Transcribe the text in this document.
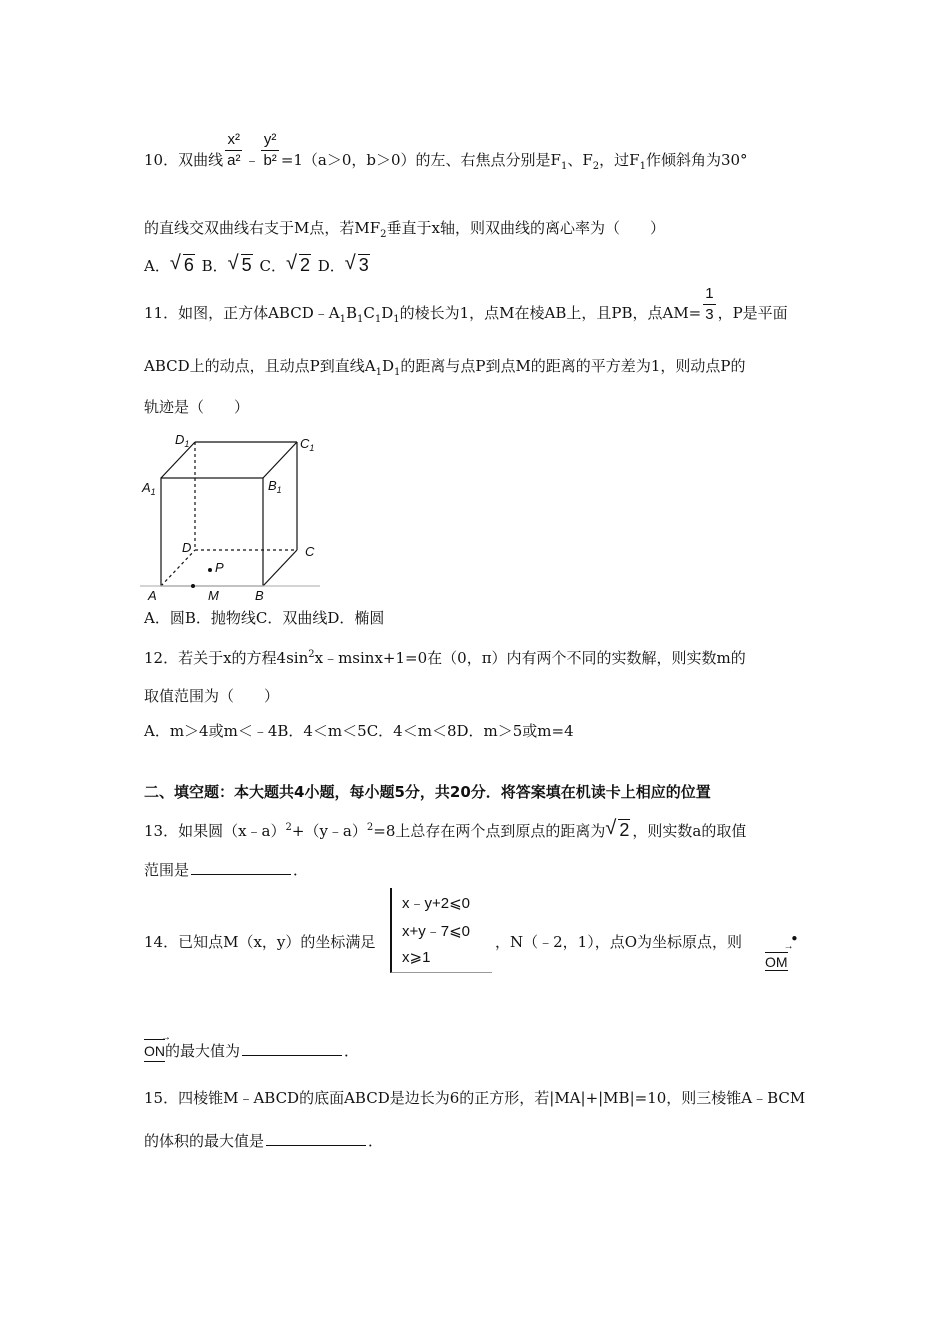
10．双曲线 $\frac{\text{x²}}{\text{a²}}$ ﹣ $\frac{\text{y²}}{\text{b²}} =1(a>0$，b＞0）的左、右焦点分别是$F_1$、$F_2$，过$F_1$作倾斜角为30°
的直线交双曲线右支于M点，若$MF_2$垂直于x轴，则双曲线的离心率为（　　）
A． √ 6 B． √ 5 C． √ 2 D． √ 3
11．如图，正方体$ABCD﹣A_1B_1C_1D_1$的棱长为1，点M在棱AB上，且PB，点$AM= \frac{1}{3}$ ，P是平面
ABCD上的动点，且动点P到直线$A_1D_1$的距离与点P到点M的距离的平方差为1，则动点P的
轨迹是（　　）
$D_1$	$C_1$
$A_1$	$B_1$
D	C
P
A	M	B
A．圆B．抛物线C．双曲线D．椭圆
12．若关于x的方程$4\sin^2x﹣msinx+1=0$在（0，π）内有两个不同的实数解，则实数m的
取值范围为（　　）
A．m＞4或m＜﹣4B．4＜m＜5C．4＜m＜8D．m＞5或m=4
二、填空题：本大题共4小题，每小题5分，共20分．将答案填在机读卡上相应的位置
13．如果圆（x﹣a）$^2$+（y﹣a）$^2$=8上总存在两个点到原点的距离为 √ 2 ，则实数a的取值
范围是	．
14．已知点M（x，y）的坐标满足
x﹣y+2⩽0
x+y﹣7⩽0
x⩾1
，N（﹣2，1），点O为坐标原点，则
OM →
•
ON →的最大值为	．
15．四棱锥M﹣ABCD的底面ABCD是边长为6的正方形，若|MA|+|MB|=10，则三棱锥A﹣BCM
的体积的最大值是	．
